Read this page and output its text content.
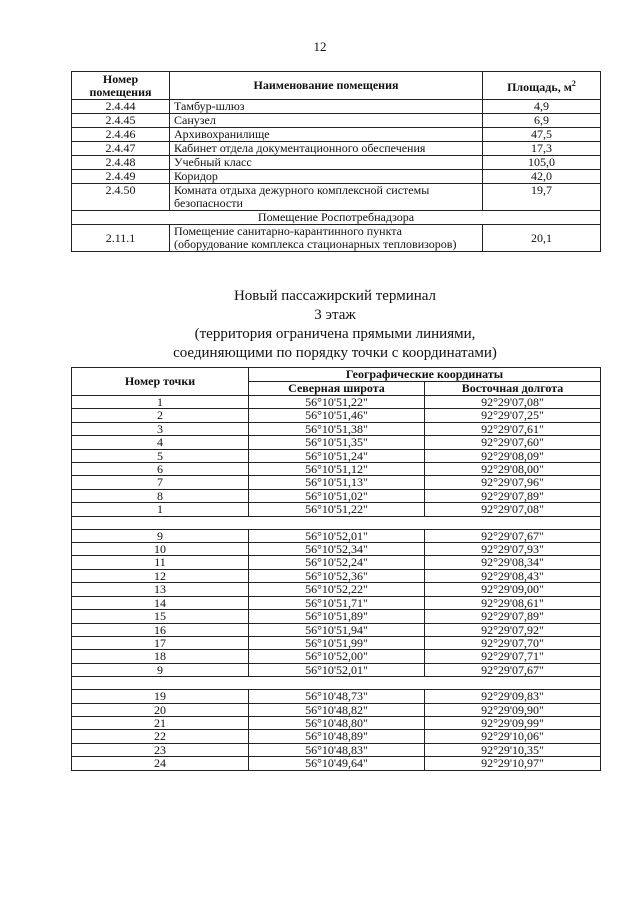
12
Номер помещения	Наименование помещения	Площадь, $м^2$
2.4.44	Тамбур-шлюз	4,9
2.4.45	Санузел	6,9
2.4.46	Архивохранилище	47,5
2.4.47	Кабинет отдела документационного обеспечения	17,3
2.4.48	Учебный класс	105,0
2.4.49	Коридор	42,0
2.4.50	Комната отдыха дежурного комплексной системы безопасности	19,7
Помещение Роспотребнадзора		
2.11.1	Помещение санитарно-карантинного пункта (оборудование комплекса стационарных тепловизоров)	20,1
Новый пассажирский терминал
3 этаж
(территория ограничена прямыми линиями,
соединяющими по порядку точки с координатами)
Номер точки	Географические координаты	
	Северная широта	Восточная долгота
1	56°10'51,22"	92°29'07,08"
2	56°10'51,46"	92°29'07,25"
3	56°10'51,38"	92°29'07,61"
4	56°10'51,35"	92°29'07,60"
5	56°10'51,24"	92°29'08,09"
6	56°10'51,12"	92°29'08,00"
7	56°10'51,13"	92°29'07,96"
8	56°10'51,02"	92°29'07,89"
1	56°10'51,22"	92°29'07,08"

9	56°10'52,01"	92°29'07,67"
10	56°10'52,34"	92°29'07,93"
11	56°10'52,24"	92°29'08,34"
12	56°10'52,36"	92°29'08,43"
13	56°10'52,22"	92°29'09,00"
14	56°10'51,71"	92°29'08,61"
15	56°10'51,89"	92°29'07,89"
16	56°10'51,94"	92°29'07,92"
17	56°10'51,99"	92°29'07,70"
18	56°10'52,00"	92°29'07,71"
9	56°10'52,01"	92°29'07,67"

19	56°10'48,73"	92°29'09,83"
20	56°10'48,82"	92°29'09,90"
21	56°10'48,80"	92°29'09,99"
22	56°10'48,89"	92°29'10,06"
23	56°10'48,83"	92°29'10,35"
24	56°10'49,64"	92°29'10,97"
